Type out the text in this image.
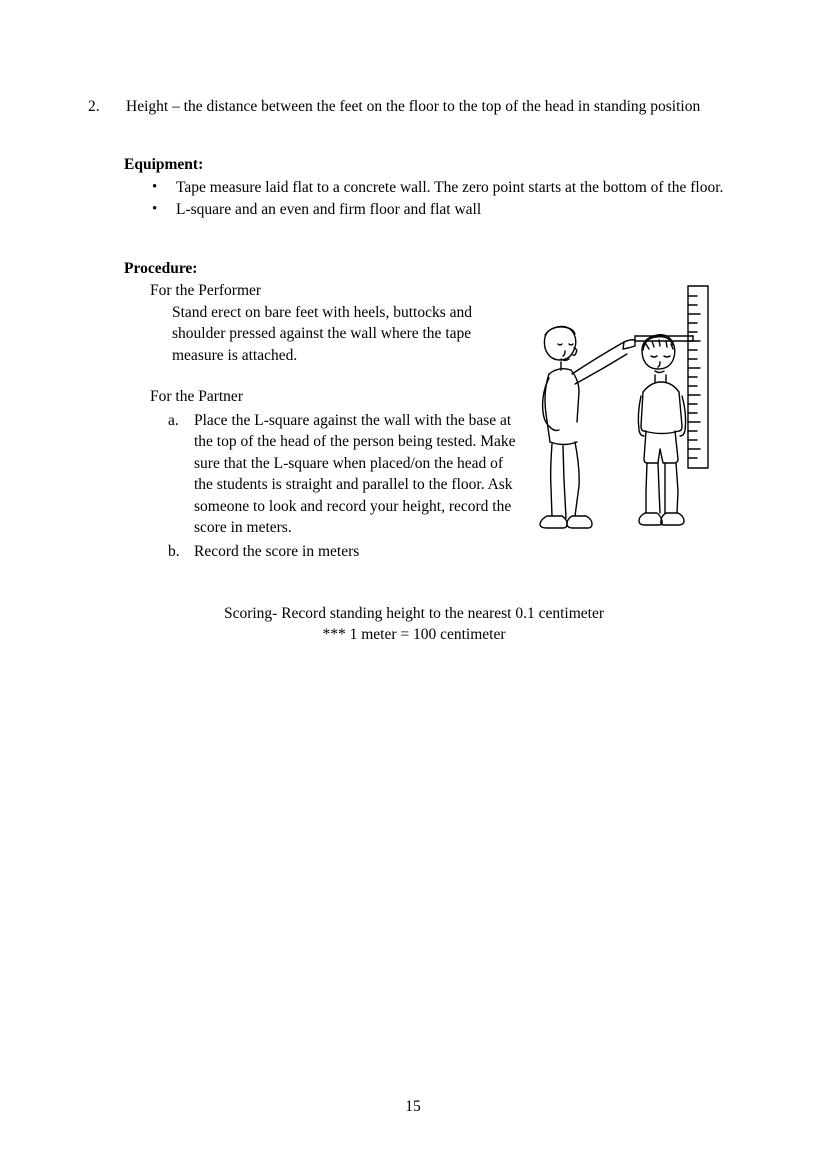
2.	Height – the distance between the feet on the floor to the top of the head in standing position
Equipment:
• Tape measure laid flat to a concrete wall. The zero point starts at the bottom of the floor.
• L-square and an even and firm floor and flat wall
Procedure:
For the Performer
Stand erect on bare feet with heels, buttocks and shoulder pressed against the wall where the tape measure is attached.
For the Partner
a. Place the L-square against the wall with the base at the top of the head of the person being tested. Make sure that the L-square when placed/on the head of the students is straight and parallel to the floor. Ask someone to look and record your height, record the score in meters.
b. Record the score in meters
Scoring- Record standing height to the nearest 0.1 centimeter
*** 1 meter = 100 centimeter
15
